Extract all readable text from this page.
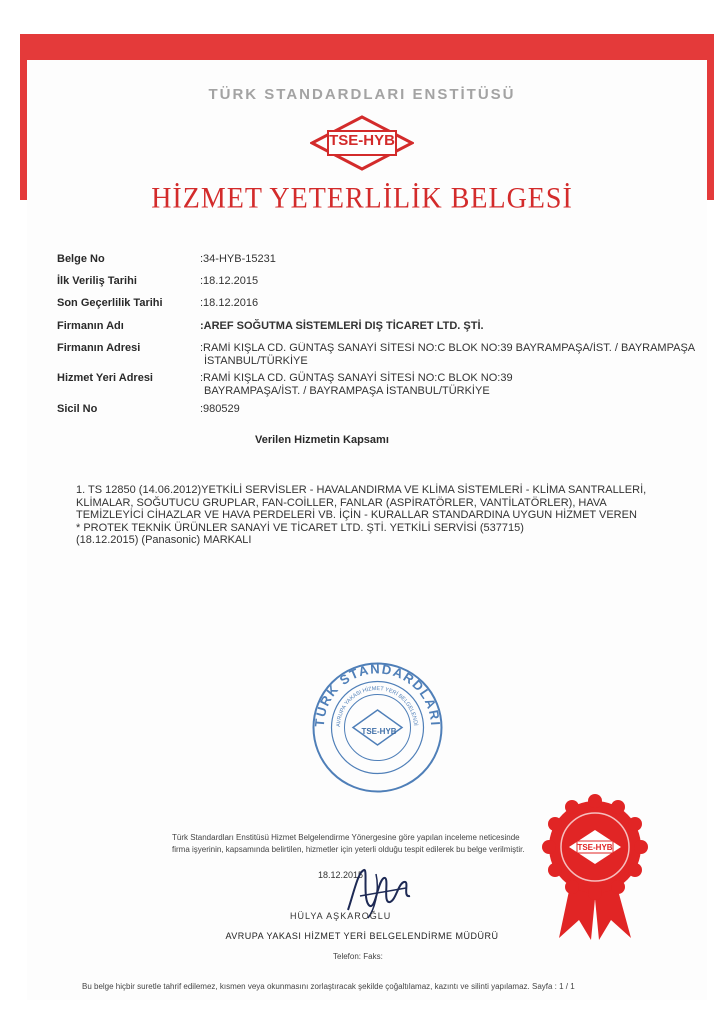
TÜRK STANDARDLARI ENSTİTÜSÜ
TSE-HYB
HİZMET YETERLİLİK BELGESİ
Belge No	:34-HYB-15231
İlk Veriliş Tarihi	:18.12.2015
Son Geçerlilik Tarihi	:18.12.2016
Firmanın Adı	:AREF SOĞUTMA SİSTEMLERİ DIŞ TİCARET LTD. ŞTİ.
Firmanın Adresi	:RAMİ KIŞLA CD. GÜNTAŞ SANAYİ SİTESİ NO:C BLOK NO:39 BAYRAMPAŞA/İST. / BAYRAMPAŞA
İSTANBUL/TÜRKİYE
Hizmet Yeri Adresi	:RAMİ KIŞLA CD. GÜNTAŞ SANAYİ SİTESİ NO:C BLOK NO:39
BAYRAMPAŞA/İST. / BAYRAMPAŞA İSTANBUL/TÜRKİYE
Sicil No	:980529
Verilen Hizmetin Kapsamı
1. TS 12850 (14.06.2012)YETKİLİ SERVİSLER - HAVALANDIRMA VE KLİMA SİSTEMLERİ - KLİMA SANTRALLERİ,
KLİMALAR, SOĞUTUCU GRUPLAR, FAN-COİLLER, FANLAR (ASPİRATÖRLER, VANTİLATÖRLER), HAVA
TEMİZLEYİCİ CİHAZLAR VE HAVA PERDELERİ VB. İÇİN - KURALLAR STANDARDINA UYGUN HİZMET VEREN
* PROTEK TEKNİK ÜRÜNLER SANAYİ VE TİCARET LTD. ŞTİ. YETKİLİ SERVİSİ (537715)
(18.12.2015) (Panasonic) MARKALI
TÜRK STANDARDLARI
AVRUPA YAKASI HİZMET YERİ BELGELENDİ
TSE-HYB
Türk Standardları Enstitüsü Hizmet Belgelendirme Yönergesine göre yapılan inceleme neticesinde
firma işyerinin, kapsamında belirtilen, hizmetler için yeterli olduğu tespit edilerek bu belge verilmiştir.
18.12.2015
HÜLYA AŞKAROĞLU
AVRUPA YAKASI HİZMET YERİ BELGELENDİRME MÜDÜRÜ
Telefon: Faks:
Bu belge hiçbir suretle tahrif edilemez, kısmen veya okunmasını zorlaştıracak şekilde çoğaltılamaz, kazıntı ve silinti yapılamaz. Sayfa : 1 / 1
TSE-HYB
